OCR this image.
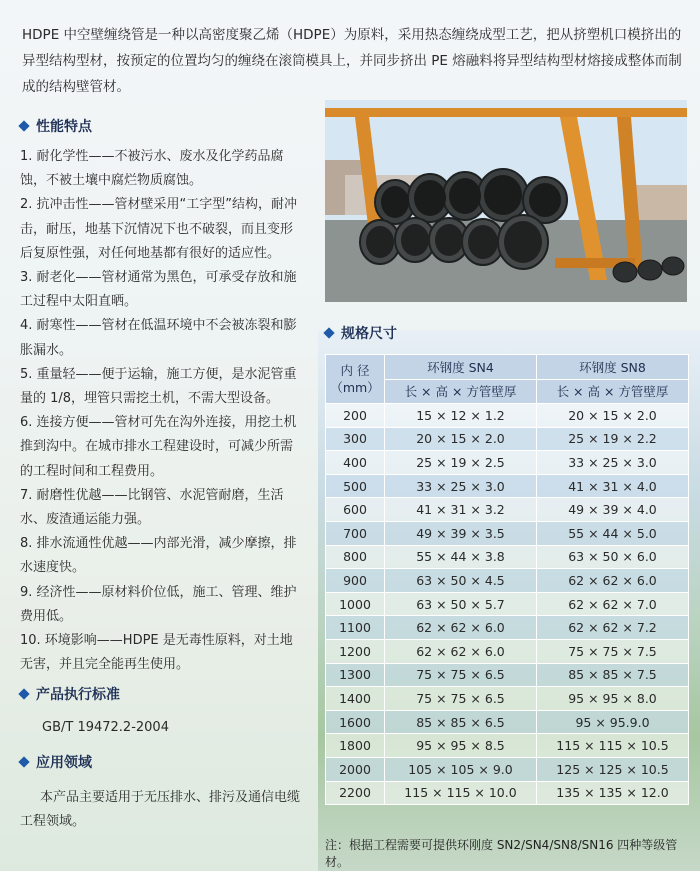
HDPE 中空壁缠绕管是一种以高密度聚乙烯（HDPE）为原料，采用热态缠绕成型工艺，把从挤塑机口模挤出的异型结构型材，按预定的位置均匀的缠绕在滚筒模具上，并同步挤出 PE 熔融料将异型结构型材熔接成整体而制成的结构壁管材。
性能特点

1. 耐化学性——不被污水、废水及化学药品腐蚀，不被土壤中腐烂物质腐蚀。

2. 抗冲击性——管材壁采用“工字型”结构，耐冲击，耐压，地基下沉情况下也不破裂，而且变形后复原性强，对任何地基都有很好的适应性。

3. 耐老化——管材通常为黑色，可承受存放和施工过程中太阳直晒。

4. 耐寒性——管材在低温环境中不会被冻裂和膨胀漏水。

5. 重量轻——便于运输，施工方便，是水泥管重量的 1/8，埋管只需挖土机，不需大型设备。

6. 连接方便——管材可先在沟外连接，用挖土机推到沟中。在城市排水工程建设时，可减少所需的工程时间和工程费用。

7. 耐磨性优越——比钢管、水泥管耐磨，生活水、废渣通运能力强。

8. 排水流通性优越——内部光滑，减少摩擦，排水速度快。

9. 经济性——原材料价位低，施工、管理、维护费用低。

10. 环境影响——HDPE 是无毒性原料，对土地无害，并且完全能再生使用。

产品执行标准
GB/T 19472.2-2004
应用领域
本产品主要适用于无压排水、排污及通信电缆工程领域。
规格尺寸
内 径
（mm）	环钢度 SN4	环钢度 SN8
	长 × 高 × 方管壁厚	长 × 高 × 方管壁厚
200	15 × 12 × 1.2	20 × 15 × 2.0
300	20 × 15 × 2.0	25 × 19 × 2.2
400	25 × 19 × 2.5	33 × 25 × 3.0
500	33 × 25 × 3.0	41 × 31 × 4.0
600	41 × 31 × 3.2	49 × 39 × 4.0
700	49 × 39 × 3.5	55 × 44 × 5.0
800	55 × 44 × 3.8	63 × 50 × 6.0
900	63 × 50 × 4.5	62 × 62 × 6.0
1000	63 × 50 × 5.7	62 × 62 × 7.0
1100	62 × 62 × 6.0	62 × 62 × 7.2
1200	62 × 62 × 6.0	75 × 75 × 7.5
1300	75 × 75 × 6.5	85 × 85 × 7.5
1400	75 × 75 × 6.5	95 × 95 × 8.0
1600	85 × 85 × 6.5	95 × 95.9.0
1800	95 × 95 × 8.5	115 × 115 × 10.5
2000	105 × 105 × 9.0	125 × 125 × 10.5
2200	115 × 115 × 10.0	135 × 135 × 12.0
注：根据工程需要可提供环刚度 SN2/SN4/SN8/SN16 四种等级管材。
